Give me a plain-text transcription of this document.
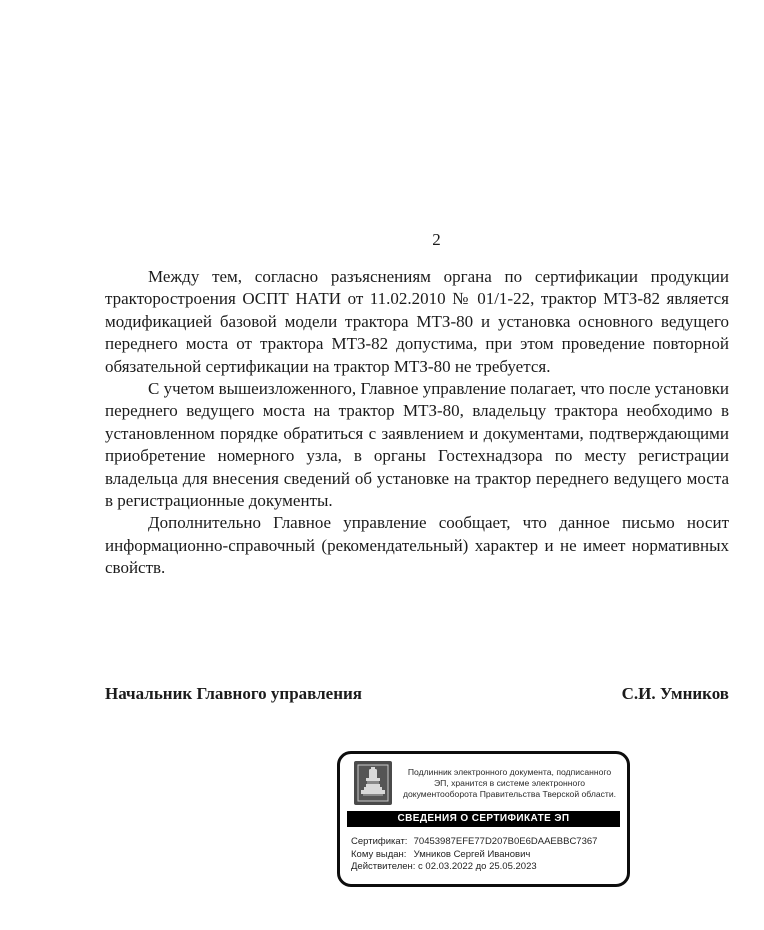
2

Между тем, согласно разъяснениям органа по сертификации продукции тракторостроения ОСПТ НАТИ от 11.02.2010 № 01/1-22, трактор МТЗ-82 является модификацией базовой модели трактора МТЗ-80 и установка основного ведущего переднего моста от трактора МТЗ-82 допустима, при этом проведение повторной обязательной сертификации на трактор МТЗ-80 не требуется.

С учетом вышеизложенного, Главное управление полагает, что после установки переднего ведущего моста на трактор МТЗ-80, владельцу трактора необходимо в установленном порядке обратиться с заявлением и документами, подтверждающими приобретение номерного узла, в органы Гостехнадзора по месту регистрации владельца для внесения сведений об установке на трактор переднего ведущего моста в регистрационные документы.

Дополнительно Главное управление сообщает, что данное письмо носит информационно-справочный (рекомендательный) характер и не имеет нормативных свойств.

Начальник Главного управления	С.И. Умников
Подлинник электронного документа, подписанного ЭП, хранится в системе электронного документооборота Правительства Тверской области.
СВЕДЕНИЯ О СЕРТИФИКАТЕ ЭП
Сертификат: 70453987EFE77D207B0E6DAAEBBC7367
Кому выдан: Умников Сергей Иванович
Действителен: с 02.03.2022 до 25.05.2023
